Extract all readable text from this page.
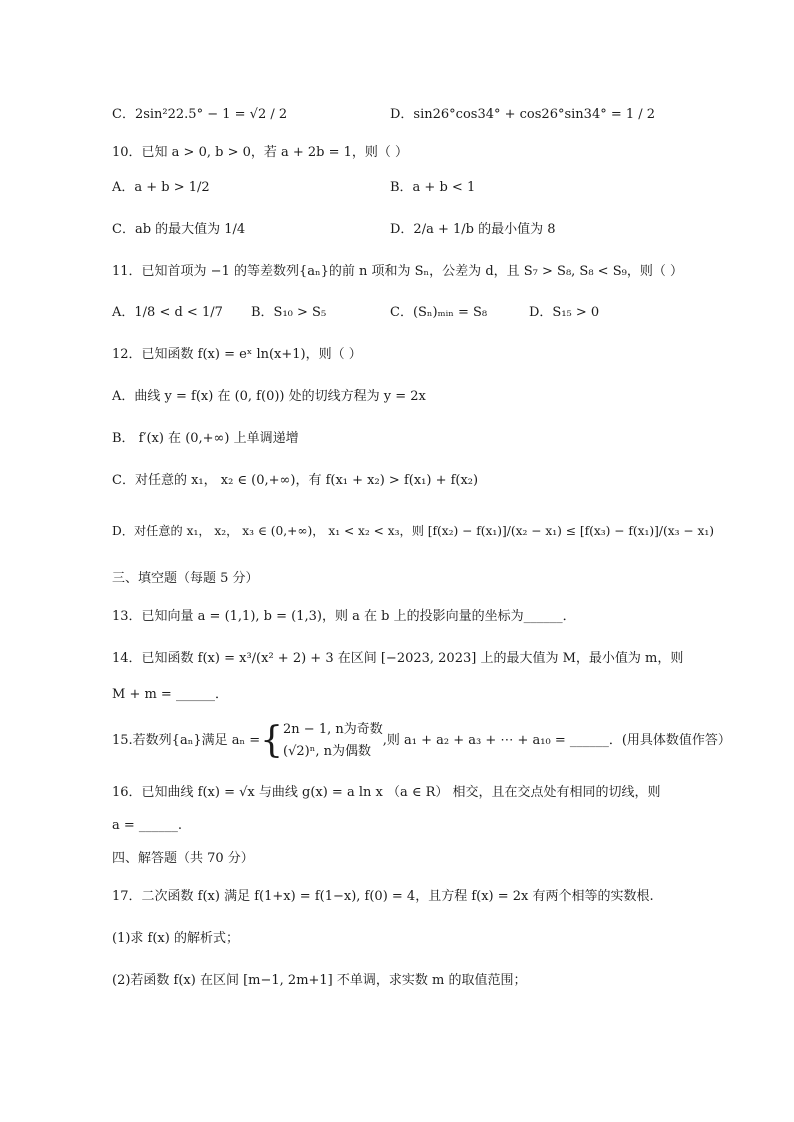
C．2sin²22.5° − 1 = √2 / 2	D．sin26°cos34° + cos26°sin34° = 1 / 2
10．已知 a > 0, b > 0，若 a + 2b = 1，则（ ）
A．a + b > 1/2	B．a + b < 1
C．ab 的最大值为 1/4	D．2/a + 1/b 的最小值为 8
11．已知首项为 −1 的等差数列{aₙ}的前 n 项和为 Sₙ，公差为 d，且 S₇ > S₈, S₈ < S₉，则（ ）
A．1/8 < d < 1/7 B．S₁₀ > S₅	C．(Sₙ)ₘᵢₙ = S₈	D．S₁₅ > 0
12．已知函数 f(x) = eˣ ln(x+1)，则（ ）
A．曲线 y = f(x) 在 (0, f(0)) 处的切线方程为 y = 2x
B． f′(x) 在 (0,+∞) 上单调递增
C．对任意的 x₁， x₂ ∈ (0,+∞)，有 f(x₁ + x₂) > f(x₁) + f(x₂)
D．对任意的 x₁， x₂， x₃ ∈ (0,+∞)， x₁ < x₂ < x₃，则 [f(x₂) − f(x₁)]/(x₂ − x₁) ≤ [f(x₃) − f(x₁)]/(x₃ − x₁)
三、填空题（每题 5 分）
13．已知向量 a = (1,1), b = (1,3)，则 a 在 b 上的投影向量的坐标为______．
14．已知函数 f(x) = x³/(x² + 2) + 3 在区间 [−2023, 2023] 上的最大值为 M，最小值为 m，则
M + m = ______．
15.若数列{aₙ}满足 aₙ = { 2n − 1, n为奇数
(√2)ⁿ, n为偶数
,则 a₁ + a₂ + a₃ + ⋯ + a₁₀ = ______．(用具体数值作答）
16．已知曲线 f(x) = √x 与曲线 g(x) = a ln x （a ∈ R） 相交，且在交点处有相同的切线，则
a = ______.
四、解答题（共 70 分）
17．二次函数 f(x) 满足 f(1+x) = f(1−x), f(0) = 4，且方程 f(x) = 2x 有两个相等的实数根.
(1)求 f(x) 的解析式；
(2)若函数 f(x) 在区间 [m−1, 2m+1] 不单调，求实数 m 的取值范围；
